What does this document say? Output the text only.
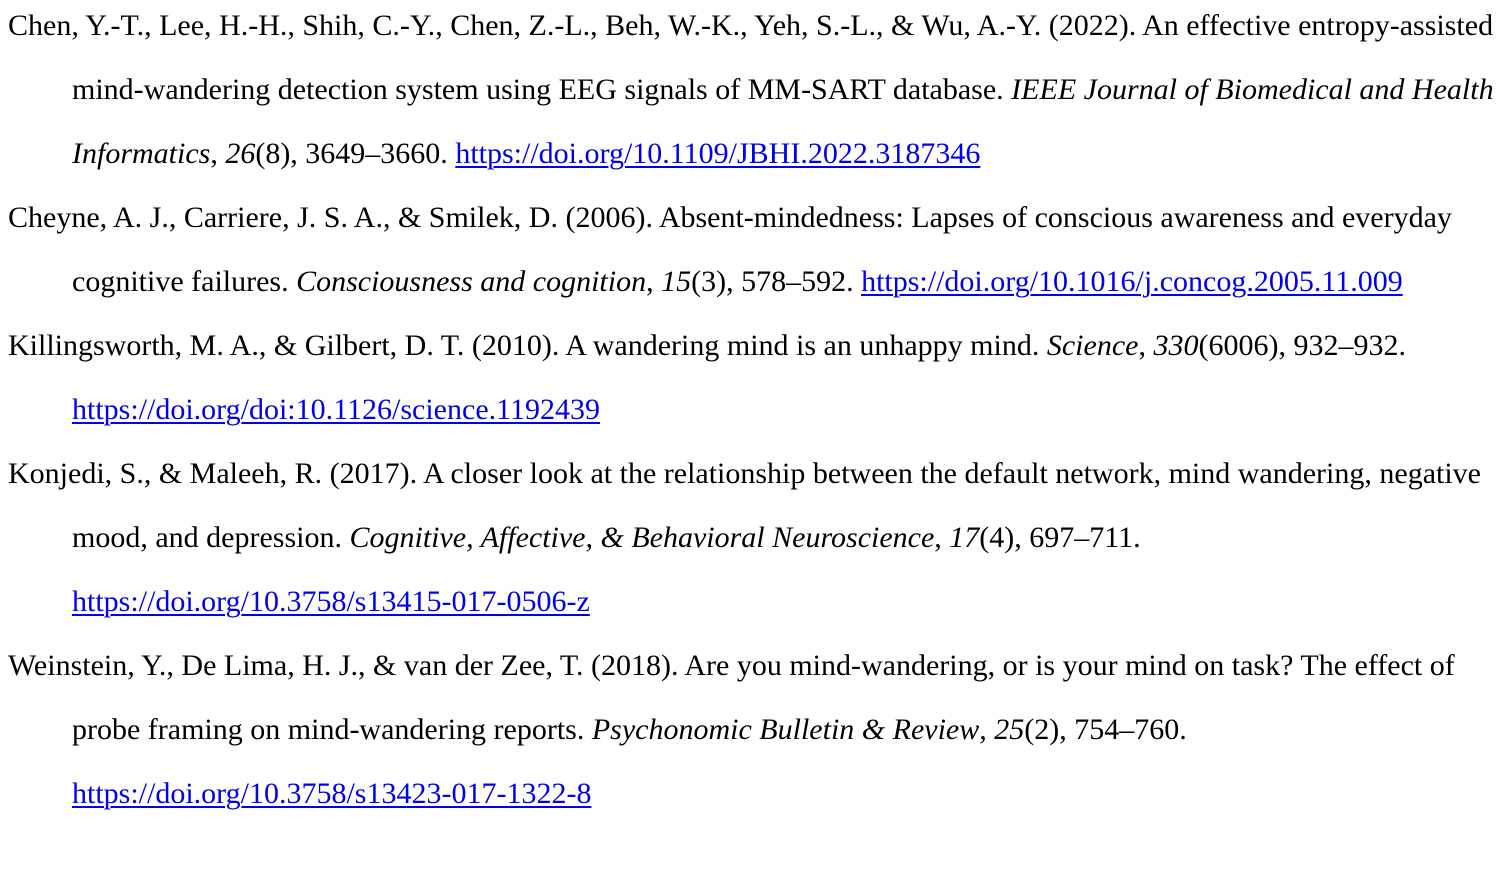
Chen, Y.-T., Lee, H.-H., Shih, C.-Y., Chen, Z.-L., Beh, W.-K., Yeh, S.-L., & Wu, A.-Y. (2022). An effective entropy-assisted mind-wandering detection system using EEG signals of MM-SART database. IEEE Journal of Biomedical and Health Informatics, 26(8), 3649–3660. https://doi.org/10.1109/JBHI.2022.3187346

Cheyne, A. J., Carriere, J. S. A., & Smilek, D. (2006). Absent-mindedness: Lapses of conscious awareness and everyday cognitive failures. Consciousness and cognition, 15(3), 578–592. https://doi.org/10.1016/j.concog.2005.11.009

Killingsworth, M. A., & Gilbert, D. T. (2010). A wandering mind is an unhappy mind. Science, 330(6006), 932–932. https://doi.org/doi:10.1126/science.1192439

Konjedi, S., & Maleeh, R. (2017). A closer look at the relationship between the default network, mind wandering, negative mood, and depression. Cognitive, Affective, & Behavioral Neuroscience, 17(4), 697–711. https://doi.org/10.3758/s13415-017-0506-z

Weinstein, Y., De Lima, H. J., & van der Zee, T. (2018). Are you mind-wandering, or is your mind on task? The effect of probe framing on mind-wandering reports. Psychonomic Bulletin & Review, 25(2), 754–760. https://doi.org/10.3758/s13423-017-1322-8
